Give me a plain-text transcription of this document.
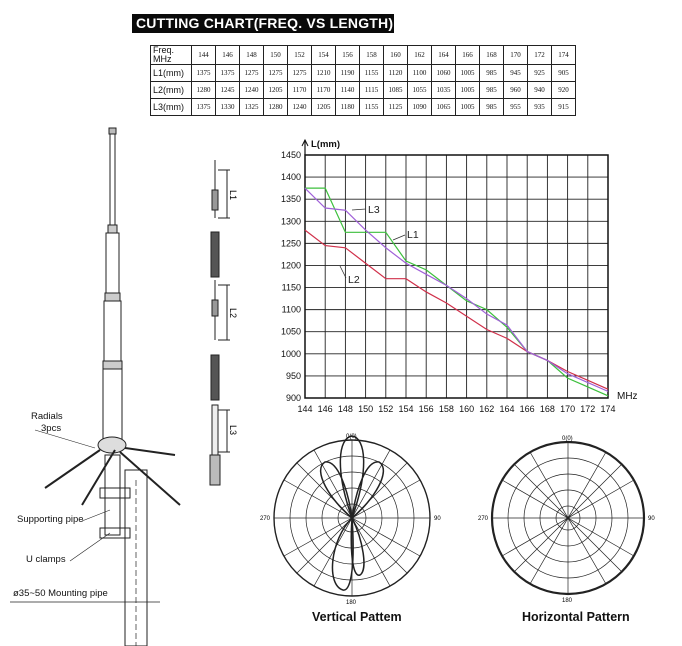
CUTTING CHART(FREQ. VS LENGTH)
Freq.
MHz	144	146	148	150	152	154	156	158	160	162	164	166	168	170	172	174
L1(mm)	1375	1375	1275	1275	1275	1210	1190	1155	1120	1100	1060	1005	985	945	925	905
L2(mm)	1280	1245	1240	1205	1170	1170	1140	1115	1085	1055	1035	1005	985	960	940	920
L3(mm)	1375	1330	1325	1280	1240	1205	1180	1155	1125	1090	1065	1005	985	955	935	915
L1
L2
L3
900
950
1000
1050
1100
1150
1200
1250
1300
1350
1400
1450
144 146 148 150 152 154 156 158 160 162 164 166 168 170 172 174
L(mm)
MHz
L3
L1
L2
0(0)
90
270
180
0(0)
90
270
180
Radials
3pcs
Supporting pipe
U clamps
ø35~50 Mounting pipe
Vertical Pattem	Horizontal Pattern
